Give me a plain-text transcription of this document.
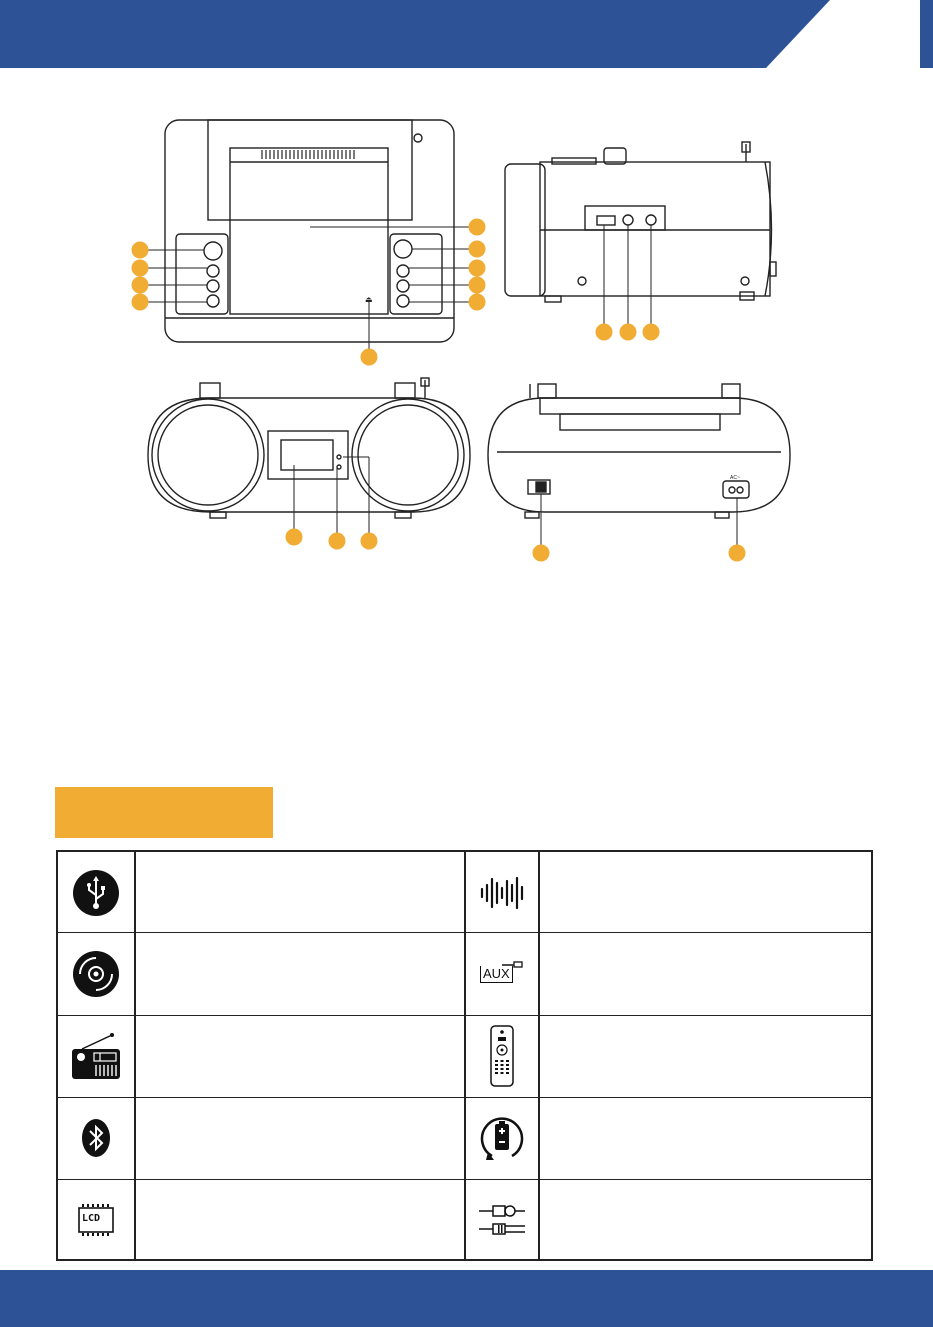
⏏
AC~
AUX
LCD
